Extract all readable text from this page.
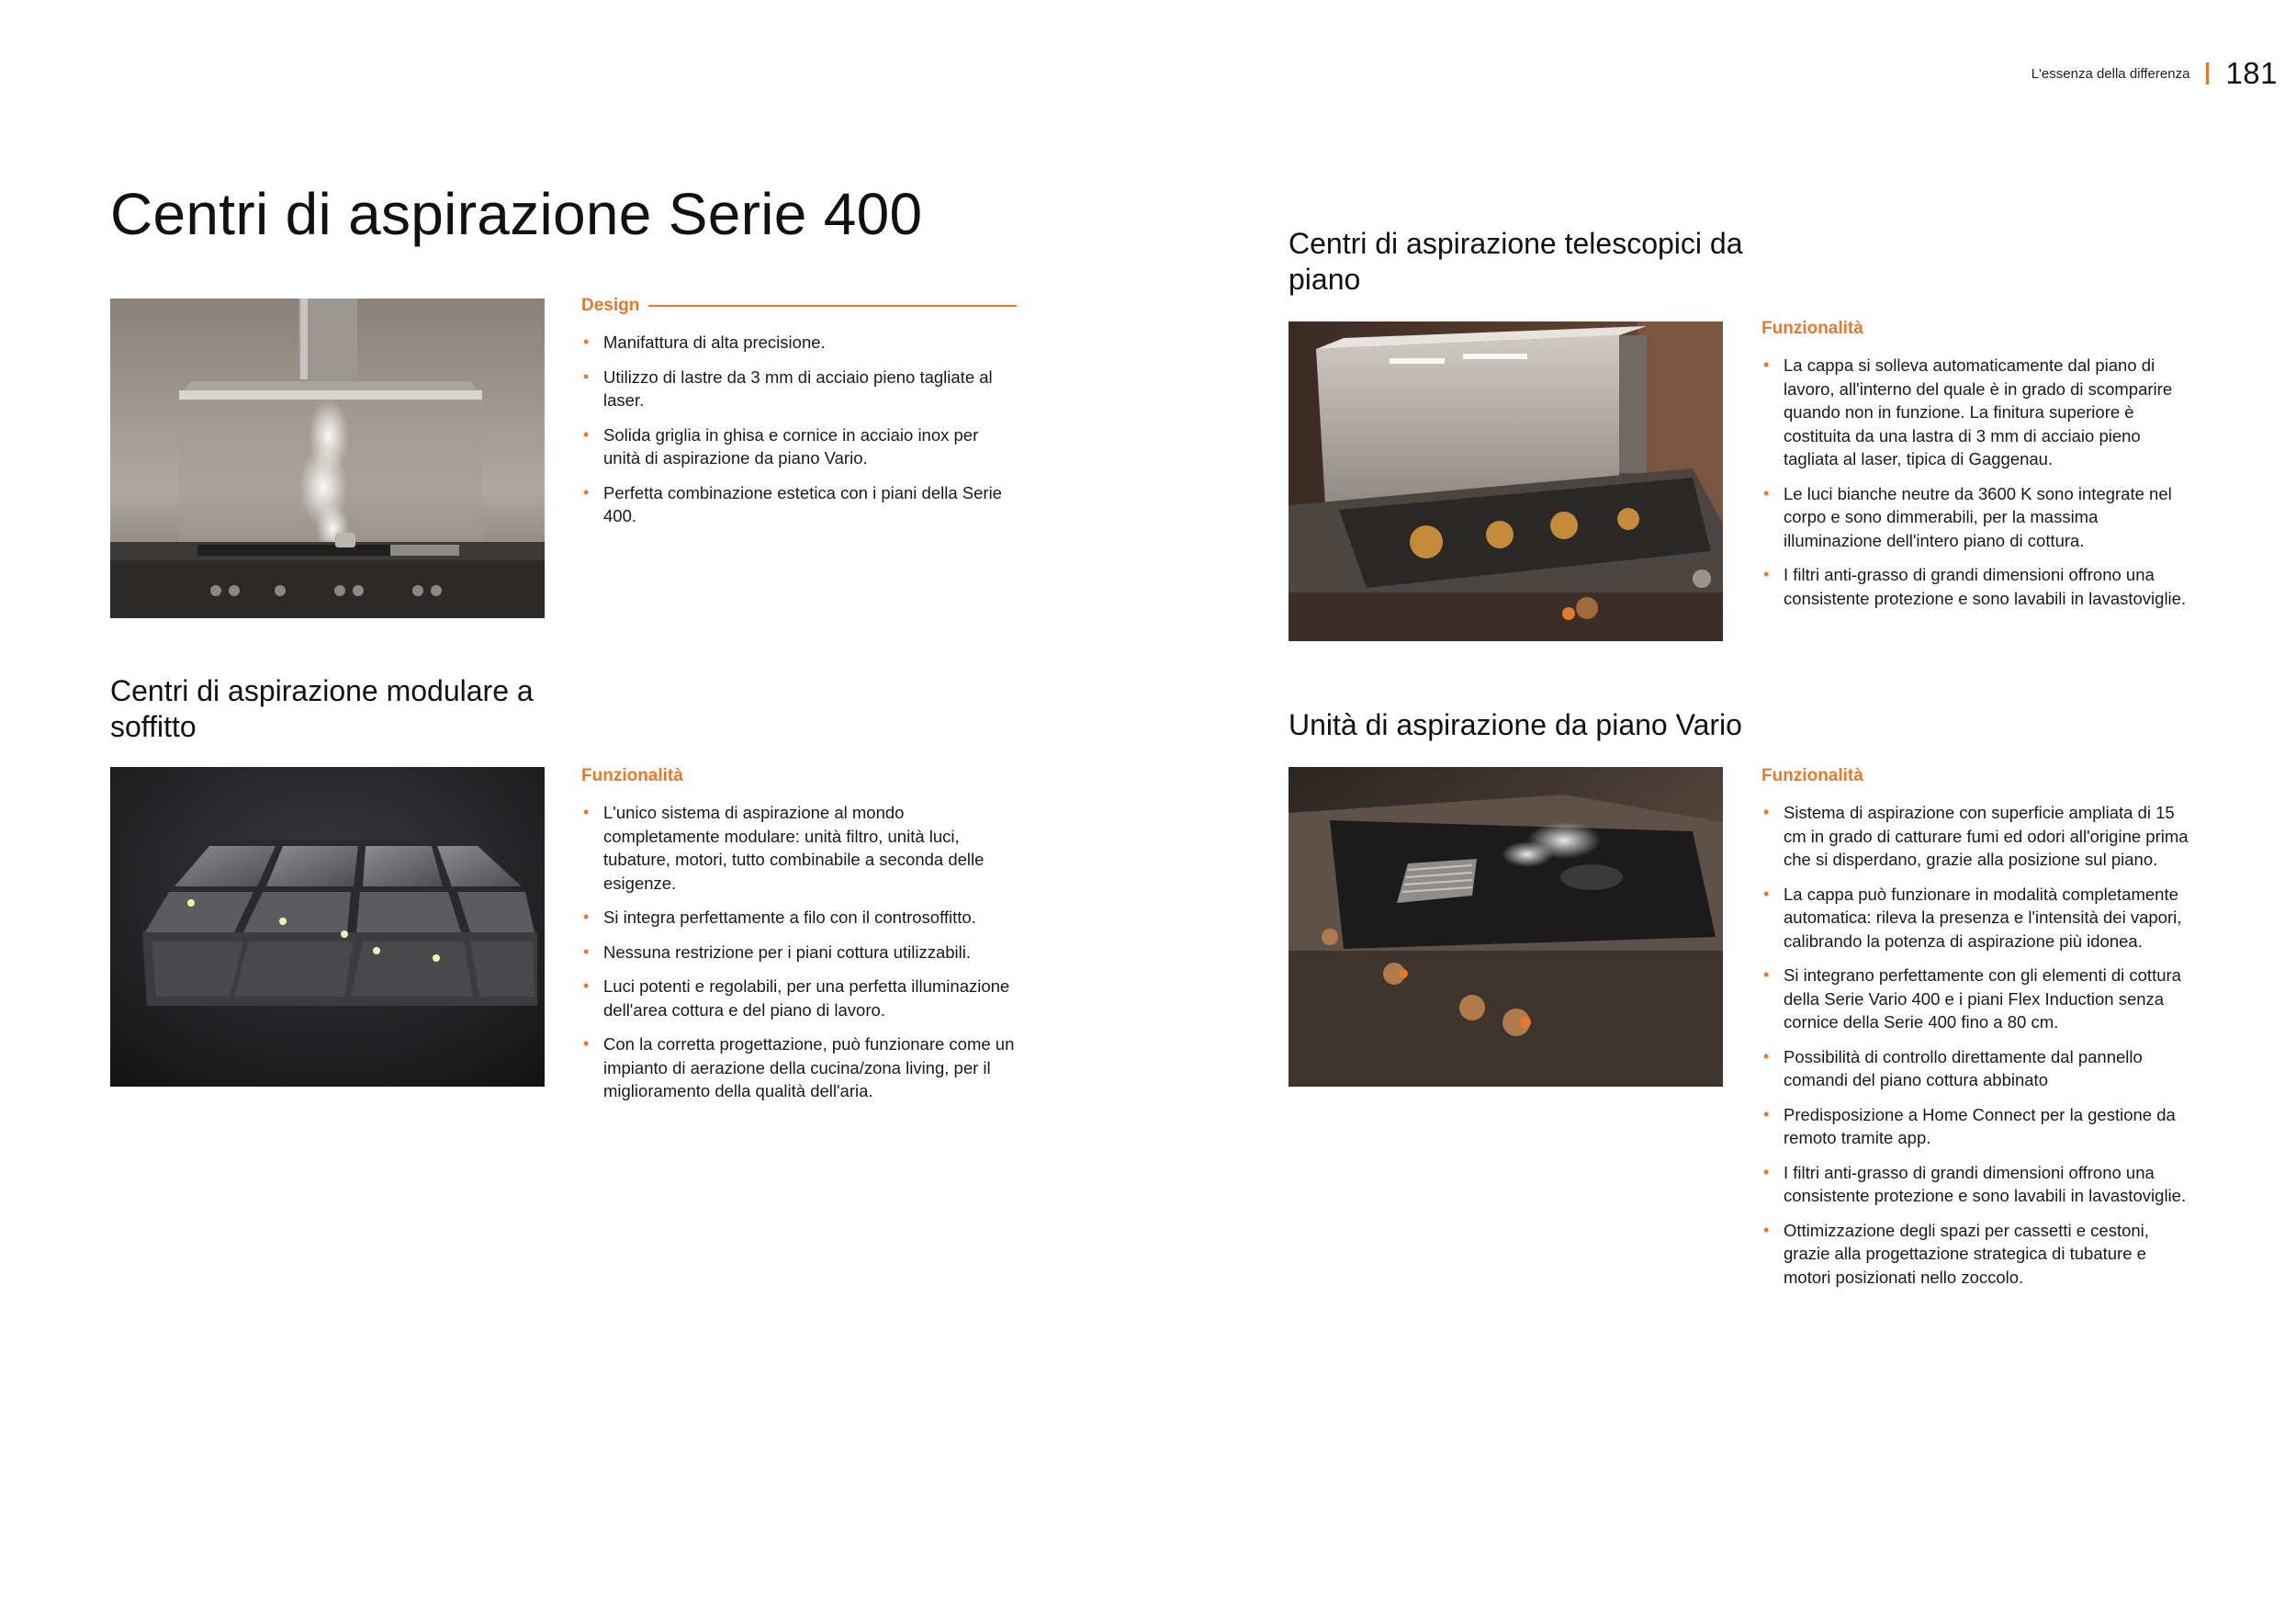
L'essenza della differenza 181
Centri di aspirazione Serie 400
Design
• Manifattura di alta precisione.
• Utilizzo di lastre da 3 mm di acciaio pieno tagliate al laser.
• Solida griglia in ghisa e cornice in acciaio inox per unità di aspirazione da piano Vario.
• Perfetta combinazione estetica con i piani della Serie 400.
Centri di aspirazione modulare a soffitto
Funzionalità
• L'unico sistema di aspirazione al mondo completamente modulare: unità filtro, unità luci, tubature, motori, tutto combinabile a seconda delle esigenze.
• Si integra perfettamente a filo con il controsoffitto.
• Nessuna restrizione per i piani cottura utilizzabili.
• Luci potenti e regolabili, per una perfetta illuminazione dell'area cottura e del piano di lavoro.
• Con la corretta progettazione, può funzionare come un impianto di aerazione della cucina/zona living, per il miglioramento della qualità dell'aria.
Centri di aspirazione telescopici da piano
Funzionalità
• La cappa si solleva automaticamente dal piano di lavoro, all'interno del quale è in grado di scomparire quando non in funzione. La finitura superiore è costituita da una lastra di 3 mm di acciaio pieno tagliata al laser, tipica di Gaggenau.
• Le luci bianche neutre da 3600 K sono integrate nel corpo e sono dimmerabili, per la massima illuminazione dell'intero piano di cottura.
• I filtri anti-grasso di grandi dimensioni offrono una consistente protezione e sono lavabili in lavastoviglie.
Unità di aspirazione da piano Vario
Funzionalità
• Sistema di aspirazione con superficie ampliata di 15 cm in grado di catturare fumi ed odori all'origine prima che si disperdano, grazie alla posizione sul piano.
• La cappa può funzionare in modalità completamente automatica: rileva la presenza e l'intensità dei vapori, calibrando la potenza di aspirazione più idonea.
• Si integrano perfettamente con gli elementi di cottura della Serie Vario 400 e i piani Flex Induction senza cornice della Serie 400 fino a 80 cm.
• Possibilità di controllo direttamente dal pannello comandi del piano cottura abbinato
• Predisposizione a Home Connect per la gestione da remoto tramite app.
• I filtri anti-grasso di grandi dimensioni offrono una consistente protezione e sono lavabili in lavastoviglie.
• Ottimizzazione degli spazi per cassetti e cestoni, grazie alla progettazione strategica di tubature e motori posizionati nello zoccolo.
